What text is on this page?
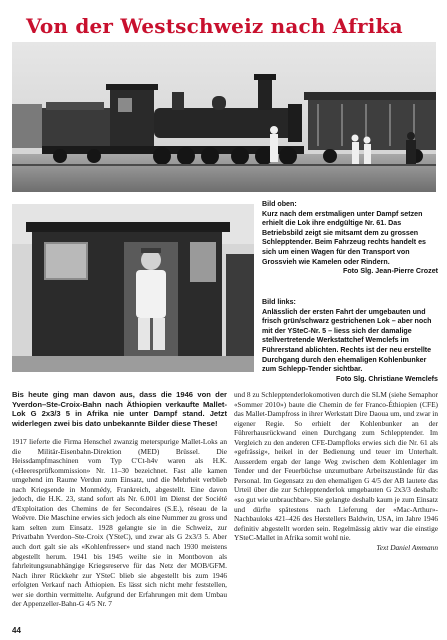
Von der Westschweiz nach Afrika
Bild oben:
Kurz nach dem erstmaligen unter Dampf setzen erhielt die Lok ihre endgültige Nr. 61. Das Betriebsbild zeigt sie mitsamt dem zu grossen Schlepptender. Beim Fahrzeug rechts handelt es sich um einen Wagen für den Transport von Grossvieh wie Kamelen oder Rindern.
Foto Slg. Jean-Pierre Crozet
Bild links:
Anlässlich der ersten Fahrt der umgebauten und frisch grün/schwarz gestrichenen Lok – aber noch mit der YSteC-Nr. 5 – liess sich der damalige stellvertretende Werkstattchef Wemclefs im Führerstand ablichten. Rechts ist der neu erstellte Durchgang durch den ehemaligen Kohlenbunker zum Schlepp-Tender sichtbar.
Foto Slg. Christiane Wemclefs
Bis heute ging man davon aus, dass die 1946 von der Yverdon–Ste-Croix-Bahn nach Äthiopien verkaufte Mallet-Lok G 2x3/3 5 in Afrika nie unter Dampf stand. Jetzt widerlegen zwei bis dato unbekannte Bilder diese These!
1917 lieferte die Firma Henschel zwanzig meterspurige Mallet-Loks an die Militär-Eisenbahn-Direktion (MED) Brüssel. Die Heissdampfmaschinen vom Typ C'Ct-h4v waren als H.K. («Heeresprüfkommission» Nr. 11–30 bezeichnet. Fast alle kamen umgehend im Raume Verdun zum Einsatz, und die Mehrheit verblieb nach Kriegsende in Monmédy, Frankreich, abgestellt. Eine davon jedoch, die H.K. 23, stand sofort als Nr. 6.001 im Dienst der Société d'Exploitation des Chemins de fer Secondaires (S.E.), réseau de la Woëvre. Die Maschine erwies sich jedoch als eine Nummer zu gross und kam selten zum Einsatz. 1928 gelangte sie in die Schweiz, zur Privatbahn Yverdon–Ste-Croix (YSteC), und zwar als G 2x3/3 5. Aber auch dort galt sie als «Kohlenfresser» und stand nach 1930 meistens abgestellt herum. 1941 bis 1945 weilte sie in Montbovon als fahrleitungsunabhängige Kriegsreserve für das Netz der MOB/GFM. Nach ihrer Rückkehr zur YSteC blieb sie abgestellt bis zum 1946 erfolgten Verkauf nach Äthiopien. Es lässt sich nicht mehr feststellen, wer sie dorthin vermittelte. Aufgrund der Erfahrungen mit dem Umbau der Appenzeller-Bahn-G 4/5 Nr. 7
und 8 zu Schlepptenderlokomotiven durch die SLM (siehe Semaphor «Sommer 2010») baute die Chemin de fer Franco-Éthiopien (CFE) das Mallet-Dampfross in ihrer Werkstatt Dire Daoua um, und zwar in eigener Regie. So erhielt der Kohlenbunker an der Führerhausrückwand einen Durchgang zum Schlepptender. Im Vergleich zu den anderen CFE-Dampfloks erwies sich die Nr. 61 als «gefrässig», heikel in der Bedienung und teuer im Unterhalt. Ausserdem ergab der lange Weg zwischen dem Kohlenlager im Tender und der Feuerbüchse unzumutbare Arbeitszustände für das Personal. Im Gegensatz zu den ehemaligen G 4/5 der AB lautete das Urteil über die zur Schlepptenderlok umgebauten G 2x3/3 deshalb: «so gut wie unbrauchbar». Sie gelangte deshalb kaum je zum Einsatz und dürfte spätestens nach Lieferung der «Mac-Arthur»-Nachbauloks 421–426 des Herstellers Baldwin, USA, im Jahre 1946 definitiv abgestellt worden sein. Regelmässig aktiv war die einstige YSteC-Mallet in Afrika somit wohl nie.
Text Daniel Ammann
44
